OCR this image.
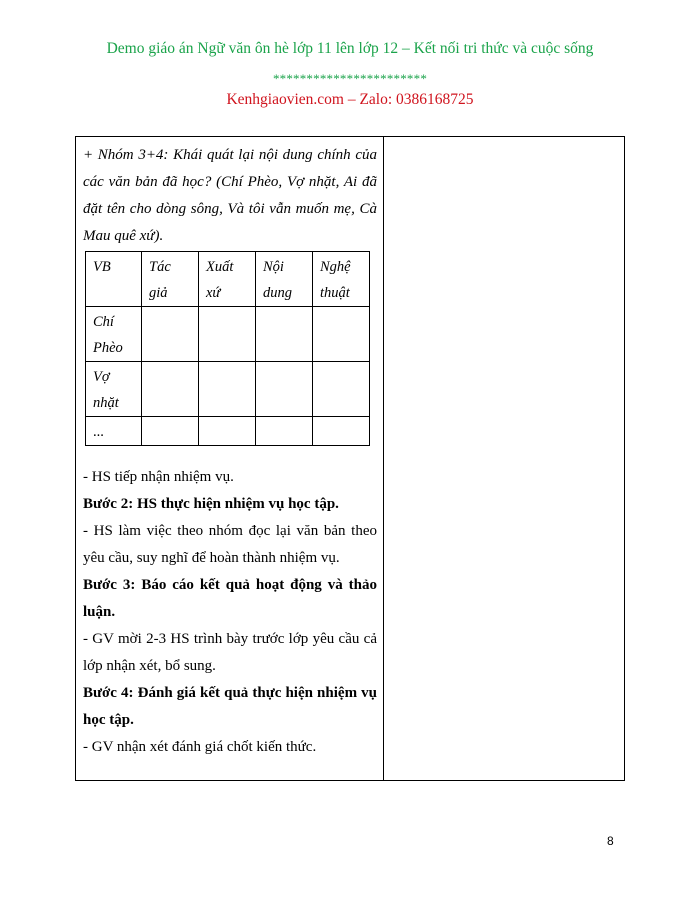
Demo giáo án Ngữ văn ôn hè lớp 11 lên lớp 12 – Kết nối tri thức và cuộc sống
***********************
Kenhgiaovien.com – Zalo: 0386168725
+ Nhóm 3+4: Khái quát lại nội dung chính của các văn bản đã học? (Chí Phèo, Vợ nhặt, Ai đã đặt tên cho dòng sông, Và tôi vẫn muốn mẹ, Cà Mau quê xứ).
VB	Tác giả	Xuất xứ	Nội dung	Nghệ thuật
Chí Phèo				
Vợ nhặt				
...				
- HS tiếp nhận nhiệm vụ.
Bước 2: HS thực hiện nhiệm vụ học tập.
- HS làm việc theo nhóm đọc lại văn bản theo yêu cầu, suy nghĩ để hoàn thành nhiệm vụ.
Bước 3: Báo cáo kết quả hoạt động và thảo luận.
- GV mời 2-3 HS trình bày trước lớp yêu cầu cả lớp nhận xét, bổ sung.
Bước 4: Đánh giá kết quả thực hiện nhiệm vụ học tập.
- GV nhận xét đánh giá chốt kiến thức.
8
